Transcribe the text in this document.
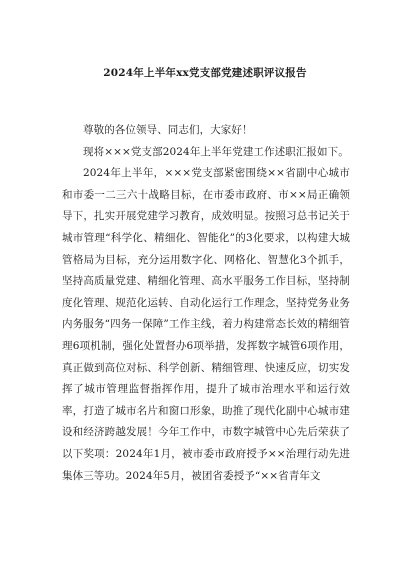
2024年上半年xx党支部党建述职评议报告

尊敬的各位领导、同志们，大家好！

现将×××党支部2024年上半年党建工作述职汇报如下。

2024年上半年，×××党支部紧密围绕××省副中心城市和市委一二三六十战略目标，在市委市政府、市××局正确领导下，扎实开展党建学习教育，成效明显。按照习总书记关于城市管理“科学化、精细化、智能化”的3化要求，以构建大城管格局为目标，充分运用数字化、网格化、智慧化3个抓手，坚持高质量党建、精细化管理、高水平服务工作目标，坚持制度化管理、规范化运转、自动化运行工作理念，坚持党务业务内务服务“四务一保障”工作主线，着力构建常态长效的精细管理6项机制，强化处置督办6项举措，发挥数字城管6项作用，真正做到高位对标、科学创新、精细管理、快速反应，切实发挥了城市管理监督指挥作用，提升了城市治理水平和运行效率，打造了城市名片和窗口形象，助推了现代化副中心城市建设和经济跨越发展！今年工作中，市数字城管中心先后荣获了以下奖项：2024年1月，被市委市政府授予××治理行动先进集体三等功。2024年5月，被团省委授予“××省青年文
